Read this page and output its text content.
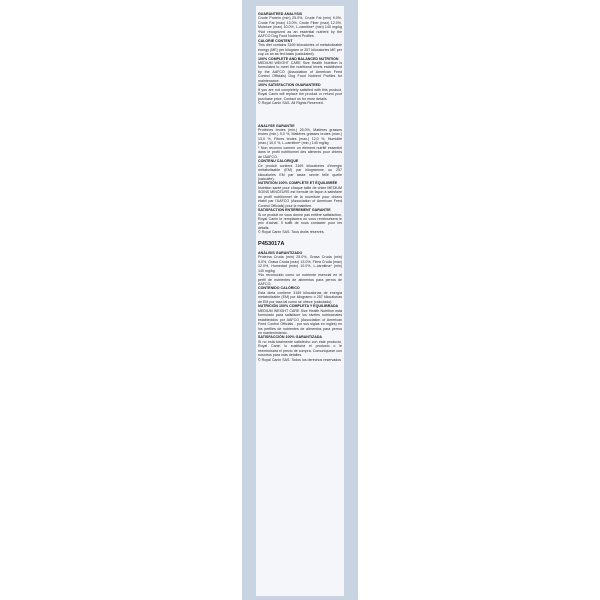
GUARANTEED ANALYSIS

Crude Protein (min) 25.0%, Crude Fat (min) 9.0%, Crude Fat (max) 13.0%, Crude Fiber (max) 12.0%, Moisture (max) 10.0%, L-carnitine* (min) 140 mg/kg *Not recognized as an essential nutrient by the AAFCO Dog Food Nutrient Profiles.

CALORIE CONTENT

This diet contains 3169 kilocalories of metabolizable energy (ME) per kilogram or 257 kilocalories ME per cup on an as fed basis (calculated).

100% COMPLETE AND BALANCED NUTRITION

MEDIUM WEIGHT CARE Size Health Nutrition is formulated to meet the nutritional levels established by the AAFCO (Association of American Feed Control Officials) Dog Food Nutrient Profiles for maintenance.

100% SATISFACTION GUARANTEED

If you are not completely satisfied with this product, Royal Canin will replace the product or refund your purchase price. Contact us for more details.

© Royal Canin SAS. All Rights Reserved.

ANALYSE GARANTIE

Protéines brutes (min.) 25,0%, Matières grasses brutes (min.) 9,0 %, Matières grasses brutes (max.) 13,0 %, Fibres brutes (max.) 12,0 %, Humidité (max.) 10,0 %, L-carnitine* (min.) 140 mg/kg

* Non reconnu comme un élément nutritif essentiel dans le profil nutritionnel des aliments pour chiens de l'AAFCO.

CONTENU CALORIQUE

Ce produit contient 3169 kilocalories d'énergie métabolisable (EM) par kilogramme ou 257 kilocalories EM par tasse servie telle quelle (calculée).

NUTRITION 100% COMPLÈTE ET ÉQUILIBRÉE

Nutrition santé pour chaque taille de chien MEDIUM SOINS MINCEURS est formulé de façon à satisfaire au profil nutritionnel de la nourriture pour chiens établi par l'AAFCO (Association of American Feed Control Officials) pour le maintien.

SATISFACTION ENTIÈREMENT GARANTIE

Si ce produit ne vous donne pas entière satisfaction, Royal Canin le remplacera ou vous remboursera le prix d'achat. Il suffit de nous contacter pour les détails.

© Royal Canin SAS. Tous droits réservés.

P453017A

ANÁLISIS GARANTIZADO

Proteína Cruda (min) 25.0%, Grasa Cruda (min) 9.0%, Grasa Cruda (máx) 13.0%, Fibra Cruda (máx) 12.0%, Humedad (máx) 10.0%, L-carnitina* (min) 140 mg/kg

*No reconocido como un nutriente esencial en el perfil de nutrientes de alimentos para perros de AAFCO.

CONTENIDO CALÓRICO

Esta dieta contiene 3169 kilocalorías de energía metabolizable (EM) por kilogramo o 257 kilocalorías de EM por taza tal como se ofrece (calculado).

NUTRICIÓN 100% COMPLETA Y EQUILIBRADA

MEDIUM WEIGHT CARE Size Health Nutrition está formulado para satisfacer los niveles nutricionales establecidos por AAFCO (Association of American Feed Control Officials - por sus siglas en inglés) en los perfiles de nutrientes de alimentos para perros en mantenimiento.

SATISFACCIÓN 100% GARANTIZADA

Si no está totalmente satisfecho con este producto, Royal Canin lo sustituirá el producto o le reembolsará el precio de compra. Comuníquese con nosotros para más detalles.

© Royal Canin SAS. Todos los derechos reservados
